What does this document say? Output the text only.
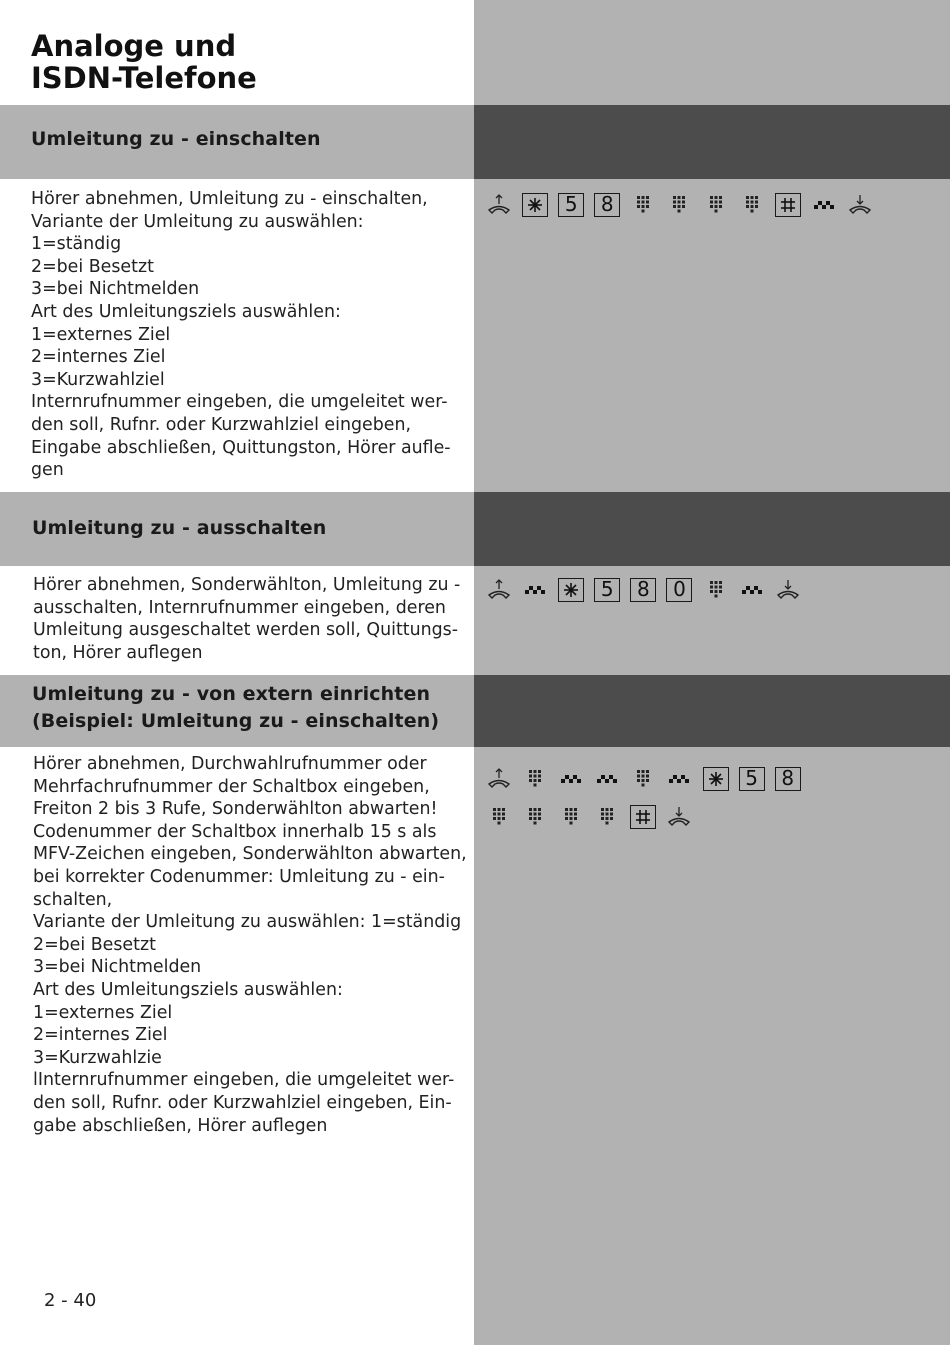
Analoge und
ISDN-Telefone
Umleitung zu - einschalten

Hörer abnehmen, Umleitung zu - einschalten,
Variante der Umleitung zu auswählen:
1=ständig
2=bei Besetzt
3=bei Nichtmelden
Art des Umleitungsziels auswählen:
1=externes Ziel
2=internes Ziel
3=Kurzwahlziel
Internrufnummer eingeben, die umgeleitet wer-
den soll, Rufnr. oder Kurzwahlziel eingeben,
Eingabe abschließen, Quittungston, Hörer aufle-
gen

5 8

Umleitung zu - ausschalten

Hörer abnehmen, Sonderwählton, Umleitung zu -
ausschalten, Internrufnummer eingeben, deren
Umleitung ausgeschaltet werden soll, Quittungs-
ton, Hörer auflegen

5 8 0

Umleitung zu - von extern einrichten
(Beispiel: Umleitung zu - einschalten)

Hörer abnehmen, Durchwahlrufnummer oder
Mehrfachrufnummer der Schaltbox eingeben,
Freiton 2 bis 3 Rufe, Sonderwählton abwarten!
Codenummer der Schaltbox innerhalb 15 s als
MFV-Zeichen eingeben, Sonderwählton abwarten,
bei korrekter Codenummer: Umleitung zu - ein-
schalten,
Variante der Umleitung zu auswählen: 1=ständig
2=bei Besetzt
3=bei Nichtmelden
Art des Umleitungsziels auswählen:
1=externes Ziel
2=internes Ziel
3=Kurzwahlzie
lInternrufnummer eingeben, die umgeleitet wer-
den soll, Rufnr. oder Kurzwahlziel eingeben, Ein-
gabe abschließen, Hörer auflegen

5 8

2 - 40
